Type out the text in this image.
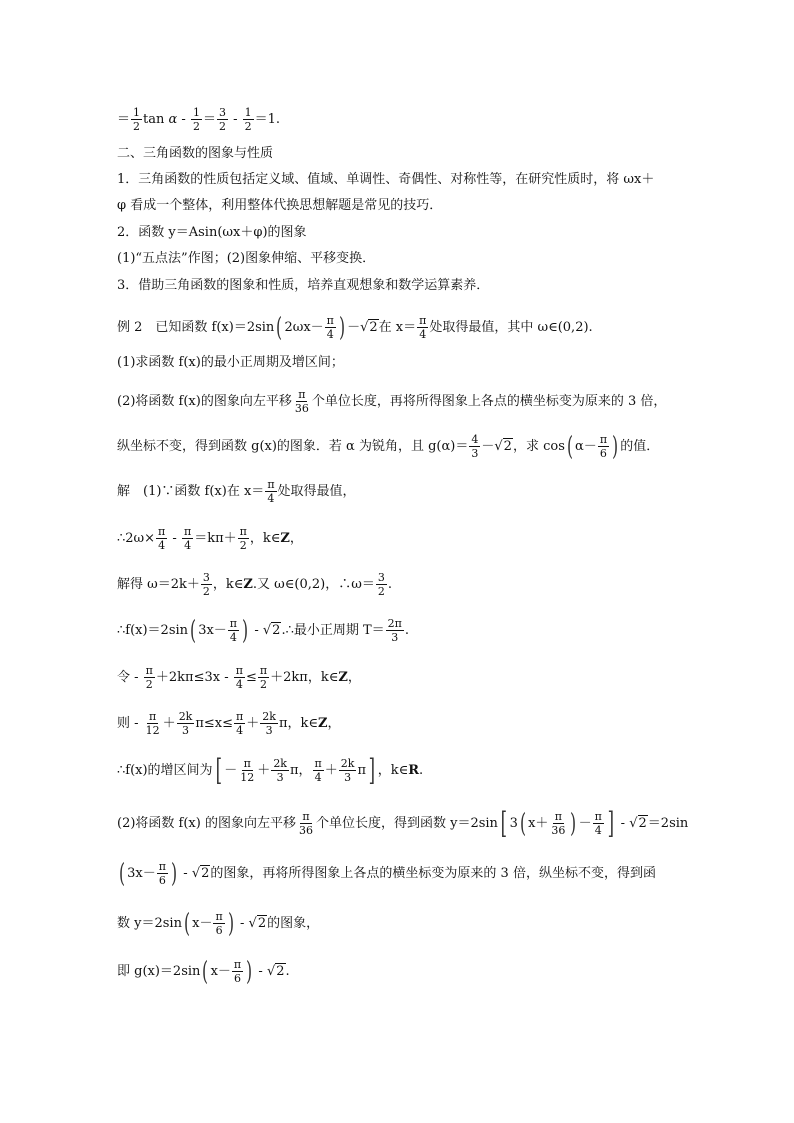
＝ $\frac{1}{2}$ $\tan \alpha - \frac{1}{2} = \frac{3}{2} - \frac{1}{2} =1$.
二、三角函数的图象与性质
1．三角函数的性质包括定义域、值域、单调性、奇偶性、对称性等，在研究性质时，将 ωx＋
φ 看成一个整体，利用整体代换思想解题是常见的技巧．
2．函数 y＝Asin(ωx＋φ)的图象
(1)“五点法”作图；(2)图象伸缩、平移变换．
3．借助三角函数的图象和性质，培养直观想象和数学运算素养．
例 2　已知函数 f(x)＝2sin( $2\omega x- \frac{\pi}{4}$ ) －√2在 $x= \frac{\pi}{4}$ 处取得最值，其中 ω∈(0,2).
(1)求函数 f(x)的最小正周期及增区间；
(2)将函数 f(x)的图象向左平移 $\frac{\pi}{36}$ 个单位长度，再将所得图象上各点的横坐标变为原来的 3 倍，
纵坐标不变，得到函数 g(x)的图象．若 α 为锐角，且 $g(\alpha)= \frac{4}{3} -√2$，求 cos( $\alpha- \frac{\pi}{6}$ ) 的值．
解　(1)∵函数 f(x)在 $x= \frac{\pi}{4}$ 处取得最值，
∴2ω× $\frac{\pi}{4} - \frac{\pi}{4} =k\pi+ \frac{\pi}{2}$ ，k∈Z，
解得 $\omega=2k+ \frac{3}{2}$ ，k∈Z.又 ω∈(0,2)，∴ω＝ $\frac{3}{2}$ .
∴f(x)＝2sin( $3x- \frac{\pi}{4}$ ) - √2.∴最小正周期 $T= \frac{2\pi}{3}$ .
令 - $\frac{\pi}{2} +2k\pi\le 3x - \frac{\pi}{4} \le \frac{\pi}{2} +2k\pi$，k∈Z，
则 - $\frac{\pi}{12} + \frac{2k}{3} \pi\le x\le \frac{\pi}{4} + \frac{2k}{3}$ π，k∈Z，
∴f(x)的增区间为[ － $\frac{\pi}{12} + \frac{2k}{3}$ π， $\frac{\pi}{4} + \frac{2k}{3} \pi$] ，k∈R.
(2)将函数 f(x) 的图象向左平移 $\frac{\pi}{36}$ 个单位长度，得到函数 y＝2sin[ 3( $x+ \frac{\pi}{36}$ ) － $\frac{\pi}{4}$ ] - √2＝2sin
( $3x- \frac{\pi}{6}$ ) - √2的图象，再将所得图象上各点的横坐标变为原来的 3 倍，纵坐标不变，得到函
数 y＝2sin( $x- \frac{\pi}{6}$ ) - √2的图象，
即 g(x)＝2sin( $x- \frac{\pi}{6}$ ) - √2.
